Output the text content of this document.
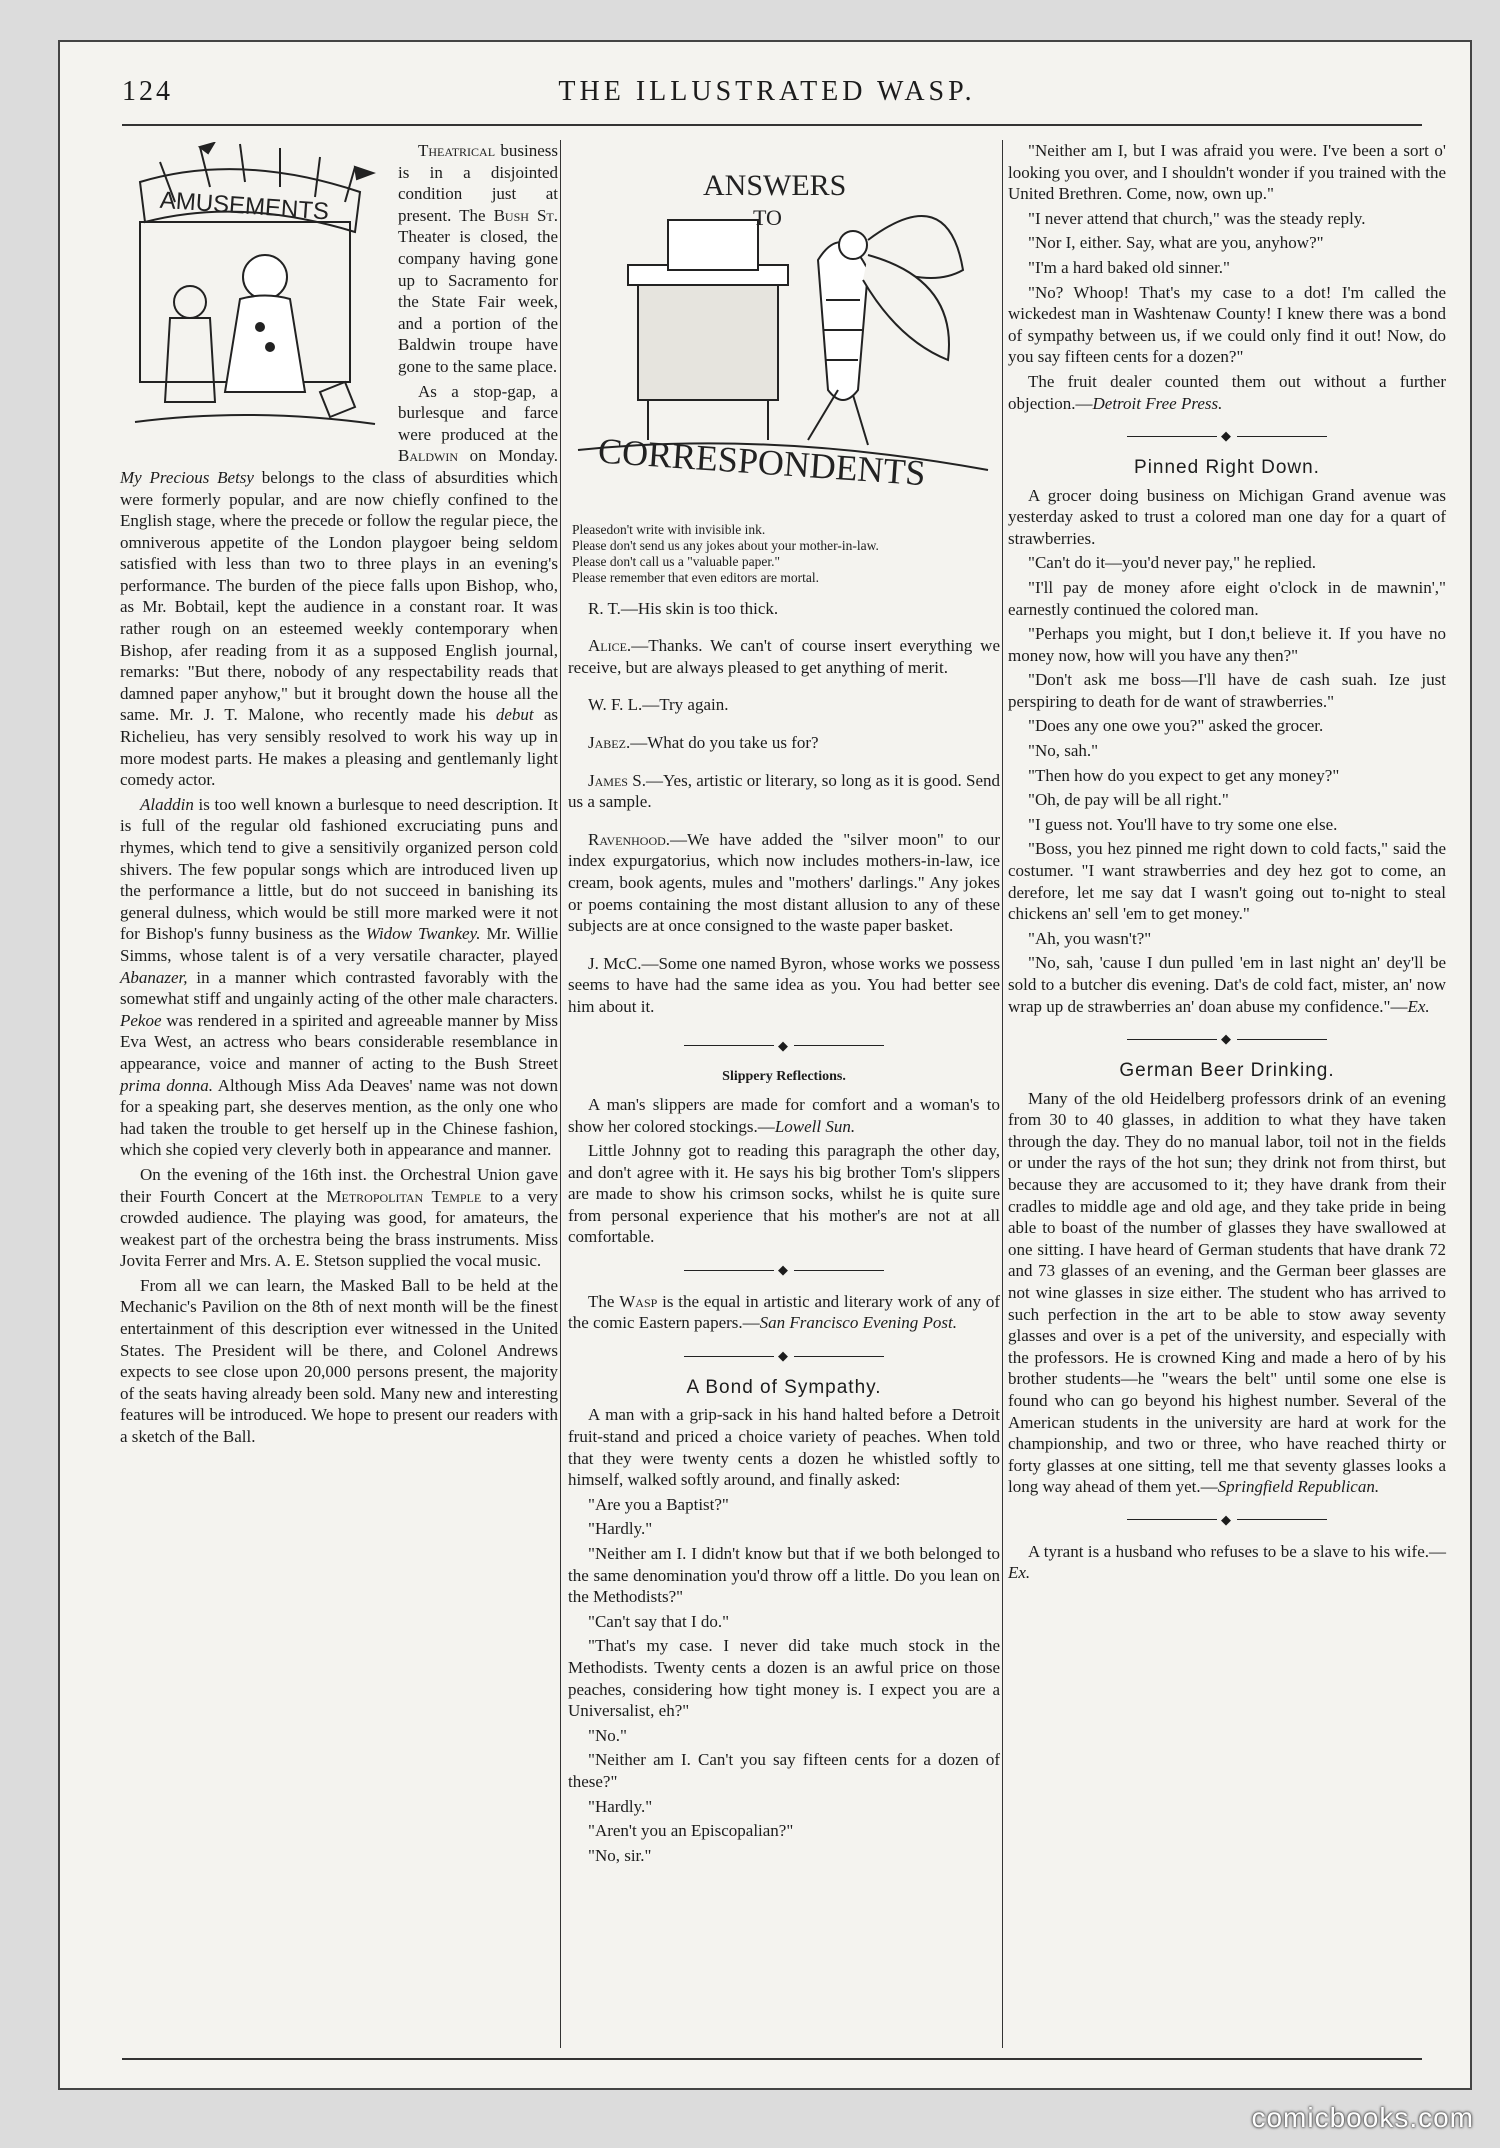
124	THE ILLUSTRATED WASP.
AMUSEMENTS

Theatrical business is in a disjointed condition just at present. The Bush St. Theater is closed, the company having gone up to Sacramento for the State Fair week, and a portion of the Baldwin troupe have gone to the same place.

As a stop-gap, a burlesque and farce were produced at the Baldwin on Monday. My Precious Betsy belongs to the class of absurdities which were formerly popular, and are now chiefly confined to the English stage, where the precede or follow the regular piece, the omniverous appetite of the London playgoer being seldom satisfied with less than two to three plays in an evening's performance. The burden of the piece falls upon Bishop, who, as Mr. Bobtail, kept the audience in a constant roar. It was rather rough on an esteemed weekly contemporary when Bishop, afer reading from it as a supposed English journal, remarks: "But there, nobody of any respectability reads that damned paper anyhow," but it brought down the house all the same. Mr. J. T. Malone, who recently made his debut as Richelieu, has very sensibly resolved to work his way up in more modest parts. He makes a pleasing and gentlemanly light comedy actor.

Aladdin is too well known a burlesque to need description. It is full of the regular old fashioned excruciating puns and rhymes, which tend to give a sensitivily organized person cold shivers. The few popular songs which are introduced liven up the performance a little, but do not succeed in banishing its general dulness, which would be still more marked were it not for Bishop's funny business as the Widow Twankey. Mr. Willie Simms, whose talent is of a very versatile character, played Abanazer, in a manner which contrasted favorably with the somewhat stiff and ungainly acting of the other male characters. Pekoe was rendered in a spirited and agreeable manner by Miss Eva West, an actress who bears considerable resemblance in appearance, voice and manner of acting to the Bush Street prima donna. Although Miss Ada Deaves' name was not down for a speaking part, she deserves mention, as the only one who had taken the trouble to get herself up in the Chinese fashion, which she copied very cleverly both in appearance and manner.

On the evening of the 16th inst. the Orchestral Union gave their Fourth Concert at the Metropolitan Temple to a very crowded audience. The playing was good, for amateurs, the weakest part of the orchestra being the brass instruments. Miss Jovita Ferrer and Mrs. A. E. Stetson supplied the vocal music.

From all we can learn, the Masked Ball to be held at the Mechanic's Pavilion on the 8th of next month will be the finest entertainment of this description ever witnessed in the United States. The President will be there, and Colonel Andrews expects to see close upon 20,000 persons present, the majority of the seats having already been sold. Many new and interesting features will be introduced. We hope to present our readers with a sketch of the Ball.

ANSWERS
TO
CORRESPONDENTS
Pleasedon't write with invisible ink.
Please don't send us any jokes about your mother-in-law.
Please don't call us a "valuable paper."
Please remember that even editors are mortal.

R. T.—His skin is too thick.

Alice.—Thanks. We can't of course insert everything we receive, but are always pleased to get anything of merit.

W. F. L.—Try again.

Jabez.—What do you take us for?

James S.—Yes, artistic or literary, so long as it is good. Send us a sample.

Ravenhood.—We have added the "silver moon" to our index expurgatorius, which now includes mothers-in-law, ice cream, book agents, mules and "mothers' darlings." Any jokes or poems containing the most distant allusion to any of these subjects are at once consigned to the waste paper basket.

J. McC.—Some one named Byron, whose works we possess seems to have had the same idea as you. You had better see him about it.

◆
Slippery Reflections.

A man's slippers are made for comfort and a woman's to show her colored stockings.—Lowell Sun.

Little Johnny got to reading this paragraph the other day, and don't agree with it. He says his big brother Tom's slippers are made to show his crimson socks, whilst he is quite sure from personal experience that his mother's are not at all comfortable.

◆

The Wasp is the equal in artistic and literary work of any of the comic Eastern papers.—San Francisco Evening Post.

◆
A Bond of Sympathy.

A man with a grip-sack in his hand halted before a Detroit fruit-stand and priced a choice variety of peaches. When told that they were twenty cents a dozen he whistled softly to himself, walked softly around, and finally asked:

"Are you a Baptist?"

"Hardly."

"Neither am I. I didn't know but that if we both belonged to the same denomination you'd throw off a little. Do you lean on the Methodists?"

"Can't say that I do."

"That's my case. I never did take much stock in the Methodists. Twenty cents a dozen is an awful price on those peaches, considering how tight money is. I expect you are a Universalist, eh?"

"No."

"Neither am I. Can't you say fifteen cents for a dozen of these?"

"Hardly."

"Aren't you an Episcopalian?"

"No, sir."

"Neither am I, but I was afraid you were. I've been a sort o' looking you over, and I shouldn't wonder if you trained with the United Brethren. Come, now, own up."

"I never attend that church," was the steady reply.

"Nor I, either. Say, what are you, anyhow?"

"I'm a hard baked old sinner."

"No? Whoop! That's my case to a dot! I'm called the wickedest man in Washtenaw County! I knew there was a bond of sympathy between us, if we could only find it out! Now, do you say fifteen cents for a dozen?"

The fruit dealer counted them out without a further objection.—Detroit Free Press.

◆
Pinned Right Down.

A grocer doing business on Michigan Grand avenue was yesterday asked to trust a colored man one day for a quart of strawberries.

"Can't do it—you'd never pay," he replied.

"I'll pay de money afore eight o'clock in de mawnin'," earnestly continued the colored man.

"Perhaps you might, but I don,t believe it. If you have no money now, how will you have any then?"

"Don't ask me boss—I'll have de cash suah. Ize just perspiring to death for de want of strawberries."

"Does any one owe you?" asked the grocer.

"No, sah."

"Then how do you expect to get any money?"

"Oh, de pay will be all right."

"I guess not. You'll have to try some one else.

"Boss, you hez pinned me right down to cold facts," said the costumer. "I want strawberries and dey hez got to come, an derefore, let me say dat I wasn't going out to-night to steal chickens an' sell 'em to get money."

"Ah, you wasn't?"

"No, sah, 'cause I dun pulled 'em in last night an' dey'll be sold to a butcher dis evening. Dat's de cold fact, mister, an' now wrap up de strawberries an' doan abuse my confidence."—Ex.

◆
German Beer Drinking.

Many of the old Heidelberg professors drink of an evening from 30 to 40 glasses, in addition to what they have taken through the day. They do no manual labor, toil not in the fields or under the rays of the hot sun; they drink not from thirst, but because they are accusomed to it; they have drank from their cradles to middle age and old age, and they take pride in being able to boast of the number of glasses they have swallowed at one sitting. I have heard of German students that have drank 72 and 73 glasses of an evening, and the German beer glasses are not wine glasses in size either. The student who has arrived to such perfection in the art to be able to stow away seventy glasses and over is a pet of the university, and especially with the professors. He is crowned King and made a hero of by his brother students—he "wears the belt" until some one else is found who can go beyond his highest number. Several of the American students in the university are hard at work for the championship, and two or three, who have reached thirty or forty glasses at one sitting, tell me that seventy glasses looks a long way ahead of them yet.—Springfield Republican.

◆

A tyrant is a husband who refuses to be a slave to his wife.—Ex.

comicbooks.com
